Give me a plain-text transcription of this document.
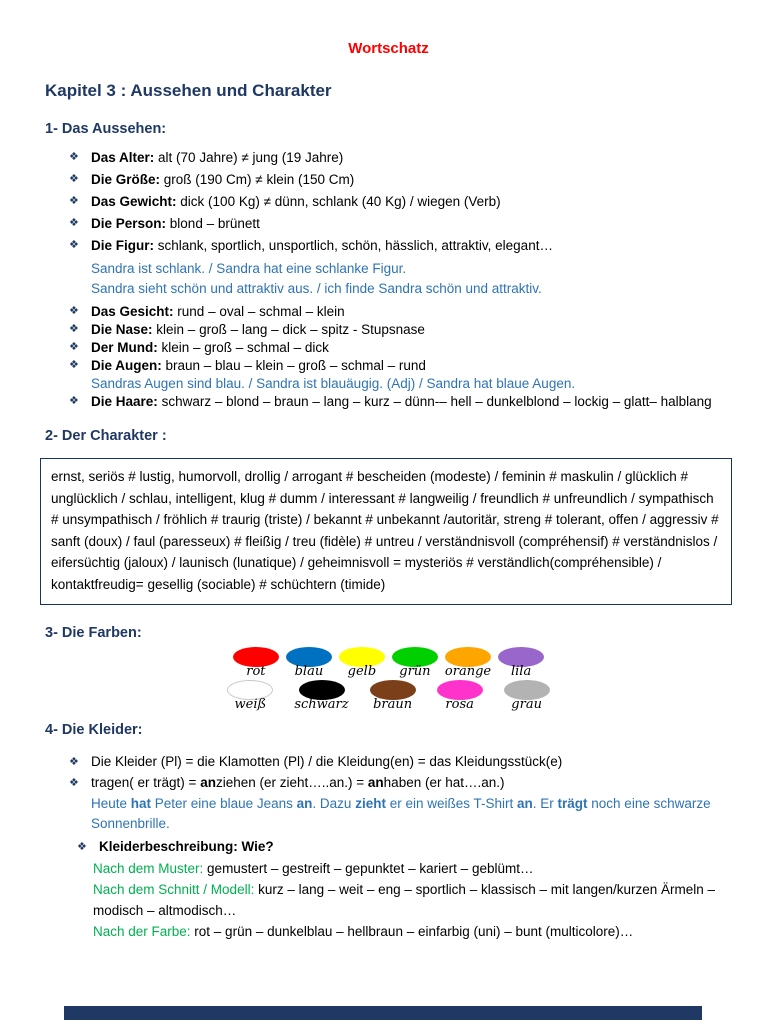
Wortschatz
Kapitel 3 : Aussehen und Charakter
1- Das Aussehen:
❖ Das Alter: alt (70 Jahre) ≠ jung (19 Jahre)
❖ Die Größe: groß (190 Cm) ≠ klein (150 Cm)
❖ Das Gewicht: dick (100 Kg) ≠ dünn, schlank (40 Kg) / wiegen (Verb)
❖ Die Person: blond – brünett
❖ Die Figur: schlank, sportlich, unsportlich, schön, hässlich, attraktiv, elegant…
Sandra ist schlank. / Sandra hat eine schlanke Figur.
Sandra sieht schön und attraktiv aus. / ich finde Sandra schön und attraktiv.
❖ Das Gesicht: rund – oval – schmal – klein
❖ Die Nase: klein – groß – lang – dick – spitz - Stupsnase
❖ Der Mund: klein – groß – schmal – dick
❖ Die Augen: braun – blau – klein – groß – schmal – rund
Sandras Augen sind blau. / Sandra ist blauäugig. (Adj) / Sandra hat blaue Augen.
❖ Die Haare: schwarz – blond – braun – lang – kurz – dünn-– hell – dunkelblond – lockig – glatt– halblang
2- Der Charakter :
ernst, seriös # lustig, humorvoll, drollig / arrogant # bescheiden (modeste) / feminin # maskulin / glücklich # unglücklich / schlau, intelligent, klug # dumm / interessant # langweilig / freundlich # unfreundlich / sympathisch # unsympathisch / fröhlich # traurig (triste) / bekannt # unbekannt /autoritär, streng # tolerant, offen / aggressiv # sanft (doux) / faul (paresseux) # fleißig / treu (fidèle) # untreu / verständnisvoll (compréhensif) # verständnislos / eifersüchtig (jaloux) / launisch (lunatique) / geheimnisvoll = mysteriös # verständlich(compréhensible) / kontaktfreudig= gesellig (sociable) # schüchtern (timide)
3- Die Farben:
rot blau gelb grün orange lila
weiß schwarz braun	rosa	grau
4- Die Kleider:
❖ Die Kleider (Pl) = die Klamotten (Pl) / die Kleidung(en) = das Kleidungsstück(e)
❖ tragen( er trägt) = anziehen (er zieht…..an.) = anhaben (er hat….an.)
Heute hat Peter eine blaue Jeans an. Dazu zieht er ein weißes T-Shirt an. Er trägt noch eine schwarze Sonnenbrille.
❖ Kleiderbeschreibung: Wie?
Nach dem Muster: gemustert – gestreift – gepunktet – kariert – geblümt…
Nach dem Schnitt / Modell: kurz – lang – weit – eng – sportlich – klassisch – mit langen/kurzen Ärmeln – modisch – altmodisch…
Nach der Farbe: rot – grün – dunkelblau – hellbraun – einfarbig (uni) – bunt (multicolore)…
